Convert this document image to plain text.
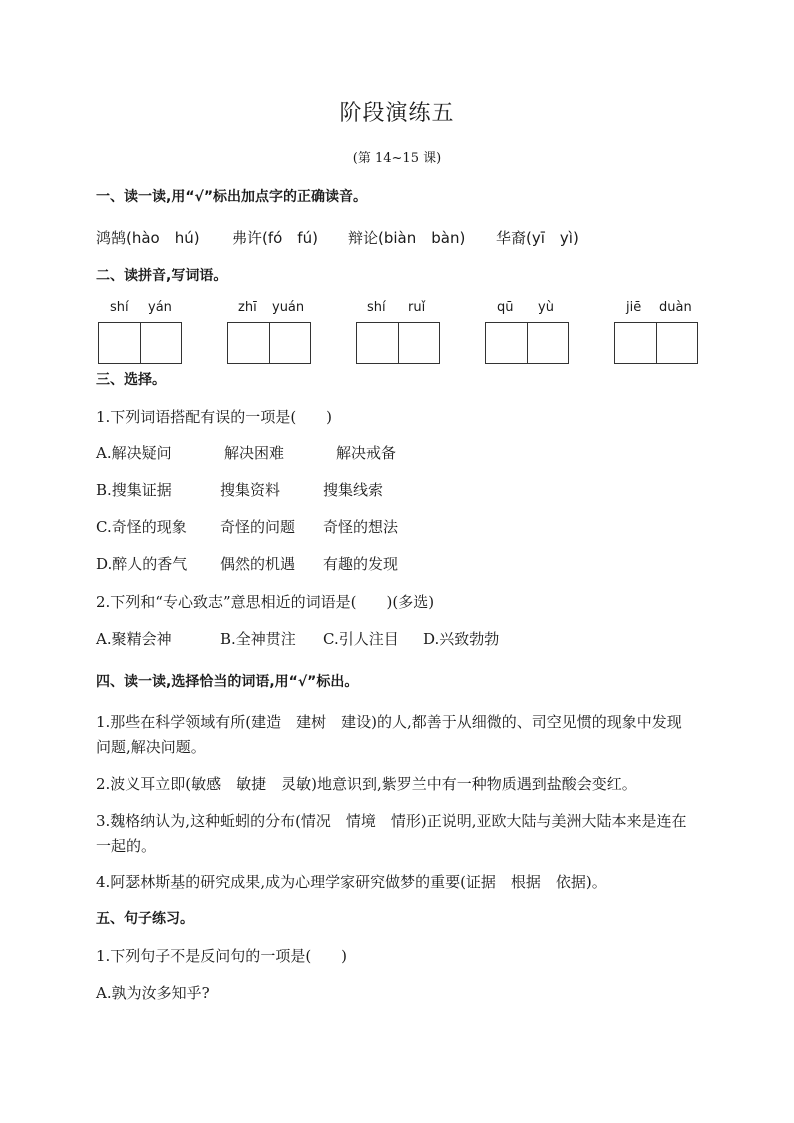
阶段演练五
(第 14~15 课)
一、读一读,用“√”标出加点字的正确读音。
鸿鹄(hào　hú) 弗许(fó　fú) 辩论(biàn　bàn) 华裔(yī　yì)
二、读拼音,写词语。
shí yán	zhī yuán	shí ruǐ	qū yù	jiē duàn
三、选择。
1.下列词语搭配有误的一项是(　　)
A.解决疑问	解决困难	解决戒备
B.搜集证据	搜集资料	搜集线索
C.奇怪的现象 奇怪的问题 奇怪的想法
D.醉人的香气 偶然的机遇 有趣的发现
2.下列和“专心致志”意思相近的词语是(　　)(多选)
A.聚精会神	B.全神贯注 C.引人注目 D.兴致勃勃
四、读一读,选择恰当的词语,用“√”标出。
1.那些在科学领域有所(建造　建树　建设)的人,都善于从细微的、司空见惯的现象中发现问题,解决问题。
2.波义耳立即(敏感　敏捷　灵敏)地意识到,紫罗兰中有一种物质遇到盐酸会变红。
3.魏格纳认为,这种蚯蚓的分布(情况　情境　情形)正说明,亚欧大陆与美洲大陆本来是连在一起的。
4.阿瑟林斯基的研究成果,成为心理学家研究做梦的重要(证据　根据　依据)。
五、句子练习。
1.下列句子不是反问句的一项是(　　)
A.孰为汝多知乎?
